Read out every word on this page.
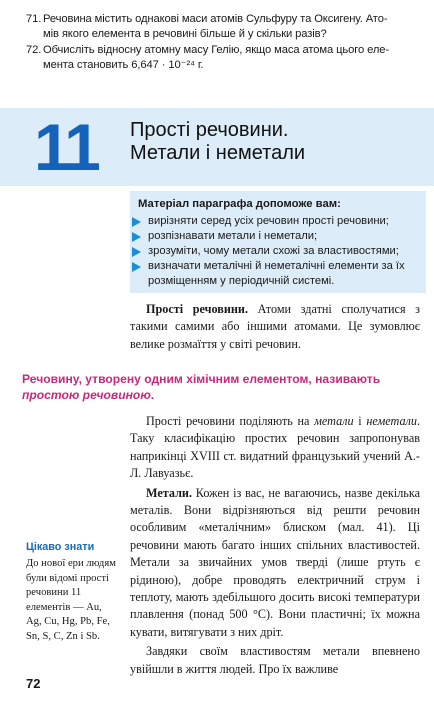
71. Речовина містить однакові маси атомів Сульфуру та Оксигену. Ато-
мів якого елемента в речовині більше й у скільки разів?
72. Обчисліть відносну атомну масу Гелію, якщо маса атома цього еле-
мента становить 6,647 · 10⁻²⁴ г.
11	Прості речовини.
Метали і неметали
Матеріал параграфа допоможе вам:
вирізняти серед усіх речовин прості речовини;
розпізнавати метали і неметали;
зрозуміти, чому метали схожі за властивостями;
визначати металічні й неметалічні елементи за їх розміщенням у періодичній системі.

Прості речовини. Атоми здатні сполучатися з такими самими або іншими атомами. Це зумовлює велике розмаїття у світі речовин.

Речовину, утворену одним хімічним елементом, називають простою речовиною.

Прості речовини поділяють на метали і неметали. Таку класифікацію простих речовин запропонував наприкінці XVIII ст. видатний французький учений А.-Л. Лавуазьє.

Метали. Кожен із вас, не вагаючись, назве декілька металів. Вони відрізняються від решти речовин особливим «металічним» блиском (мал. 41). Ці речовини мають багато інших спільних властивостей. Метали за звичайних умов тверді (лише ртуть є рідиною), добре проводять електричний струм і теплоту, мають здебільшого досить високі температури плавлення (понад 500 °С). Вони пластичні; їх можна кувати, витягувати з них дріт.

Завдяки своїм властивостям метали впевнено увійшли в життя людей. Про їх важливе

Цікаво знати
До нової ери людям були відомі прості речовини 11 елементів — Au, Ag, Cu, Hg, Pb, Fe, Sn, S, C, Zn і Sb.
72
